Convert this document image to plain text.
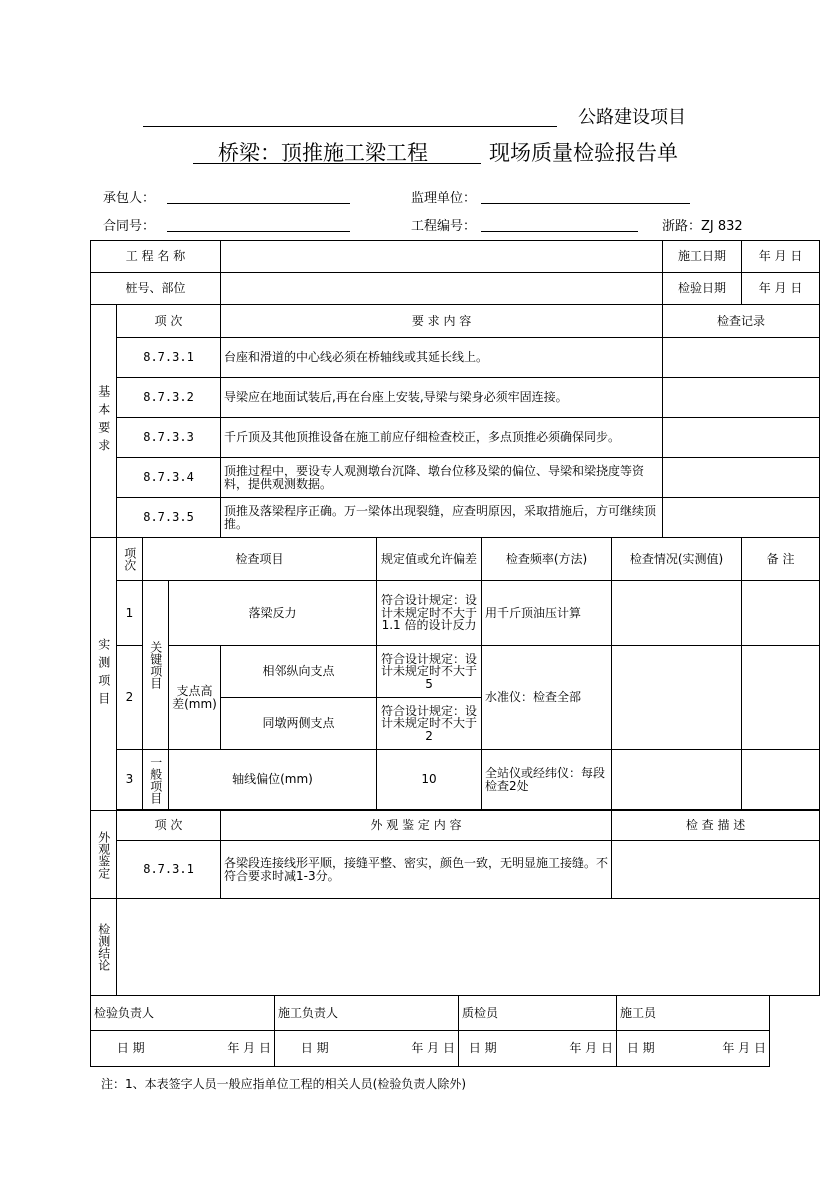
公路建设项目
桥梁：顶推施工梁工程	现场质量检验报告单
承包人：	监理单位：
合同号：	工程编号：	浙路：ZJ 832
工 程 名 称								施工日期	年 月 日
桩号、部位								检验日期	年 月 日

基本要求	项 次			要 求 内 容				检查记录	
	8.7.3.1			台座和滑道的中心线必须在桥轴线或其延长线上。					
	8.7.3.2			导梁应在地面试装后,再在台座上安装,导梁与梁身必须牢固连接。					
	8.7.3.3			千斤顶及其他顶推设备在施工前应仔细检查校正，多点顶推必须确保同步。					
	8.7.3.4			顶推过程中，要设专人观测墩台沉降、墩台位移及梁的偏位、导梁和梁挠度等资料，提供观测数据。					
	8.7.3.5			顶推及落梁程序正确。万一梁体出现裂缝，应查明原因，采取措施后，方可继续顶推。					

实测项目	项次	检查项目			规定值或允许偏差	检查频率(方法)	检查情况(实测值)		备 注
	1	关键项目	落梁反力		符合设计规定：设计未规定时不大于1.1 倍的设计反力	用千斤顶油压计算			
	2		支点高差(mm)	相邻纵向支点	符合设计规定：设计未规定时不大于5	水准仪：检查全部			
				同墩两侧支点	符合设计规定：设计未规定时不大于2				
	3	一般项目	轴线偏位(mm)		10	全站仪或经纬仪：每段检查2处			

外观鉴定	项 次			外 观 鉴 定 内 容			检 查 描 述		
	8.7.3.1			各梁段连接线形平顺，接缝平整、密实，颜色一致，无明显施工接缝。不符合要求时减1-3分。					

检测结论									

检验负责人		施工负责人		质检员		施工员	
日 期	年 月 日	日 期	年 月 日	日 期	年 月 日	日 期	年 月 日
注：1、本表签字人员一般应指单位工程的相关人员(检验负责人除外)
